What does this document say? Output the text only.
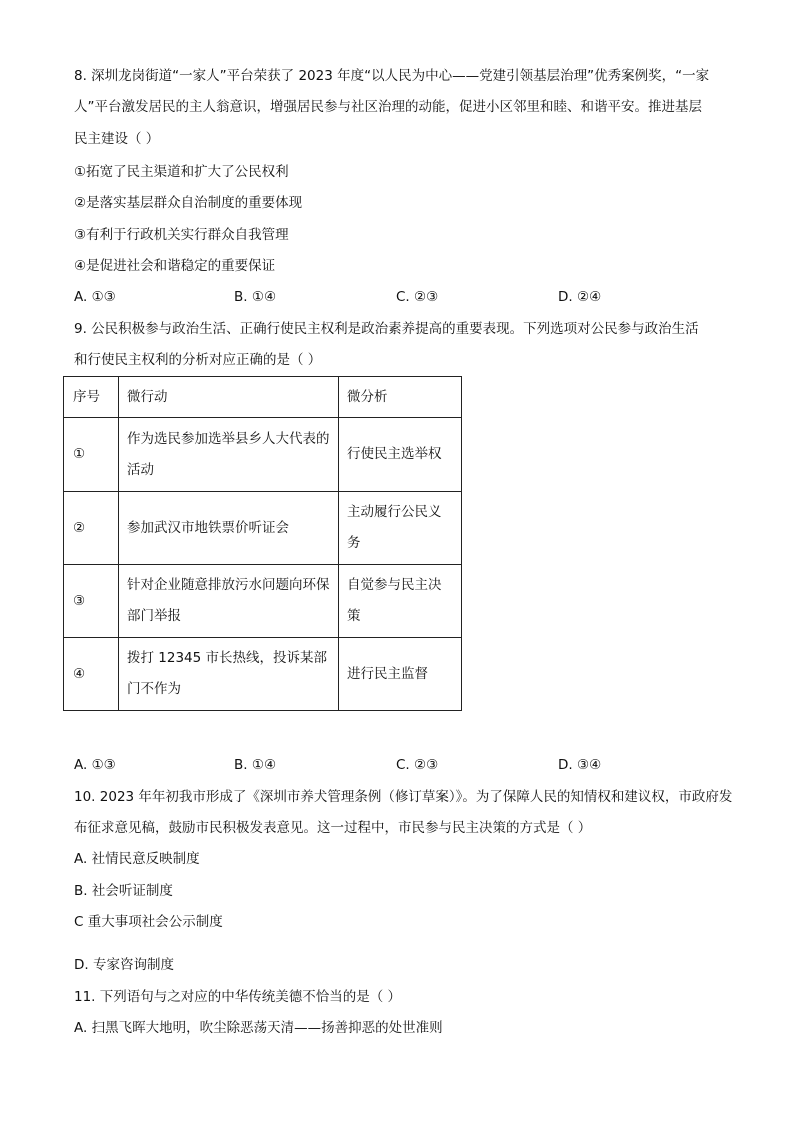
8. 深圳龙岗街道“一家人”平台荣获了 2023 年度“以人民为中心——党建引领基层治理”优秀案例奖，“一家
人”平台激发居民的主人翁意识，增强居民参与社区治理的动能，促进小区邻里和睦、和谐平安。推进基层
民主建设（ ）
①拓宽了民主渠道和扩大了公民权利
②是落实基层群众自治制度的重要体现
③有利于行政机关实行群众自我管理
④是促进社会和谐稳定的重要保证
A. ①③	B. ①④	C. ②③	D. ②④
9. 公民积极参与政治生活、正确行使民主权利是政治素养提高的重要表现。下列选项对公民参与政治生活
和行使民主权利的分析对应正确的是（ ）
序号	微行动	微分析
①	作为选民参加选举县乡人大代表的活动	行使民主选举权
②	参加武汉市地铁票价听证会	主动履行公民义务
③	针对企业随意排放污水问题向环保部门举报	自觉参与民主决策
④	拨打 12345 市长热线，投诉某部门不作为	进行民主监督
A. ①③	B. ①④	C. ②③	D. ③④
10. 2023 年年初我市形成了《深圳市养犬管理条例（修订草案）》。为了保障人民的知情权和建议权，市政府发
布征求意见稿，鼓励市民积极发表意见。这一过程中，市民参与民主决策的方式是（ ）
A. 社情民意反映制度
B. 社会听证制度
C 重大事项社会公示制度
D. 专家咨询制度
11. 下列语句与之对应的中华传统美德不恰当的是（ ）
A. 扫黑飞晖大地明，吹尘除恶荡天清——扬善抑恶的处世准则
